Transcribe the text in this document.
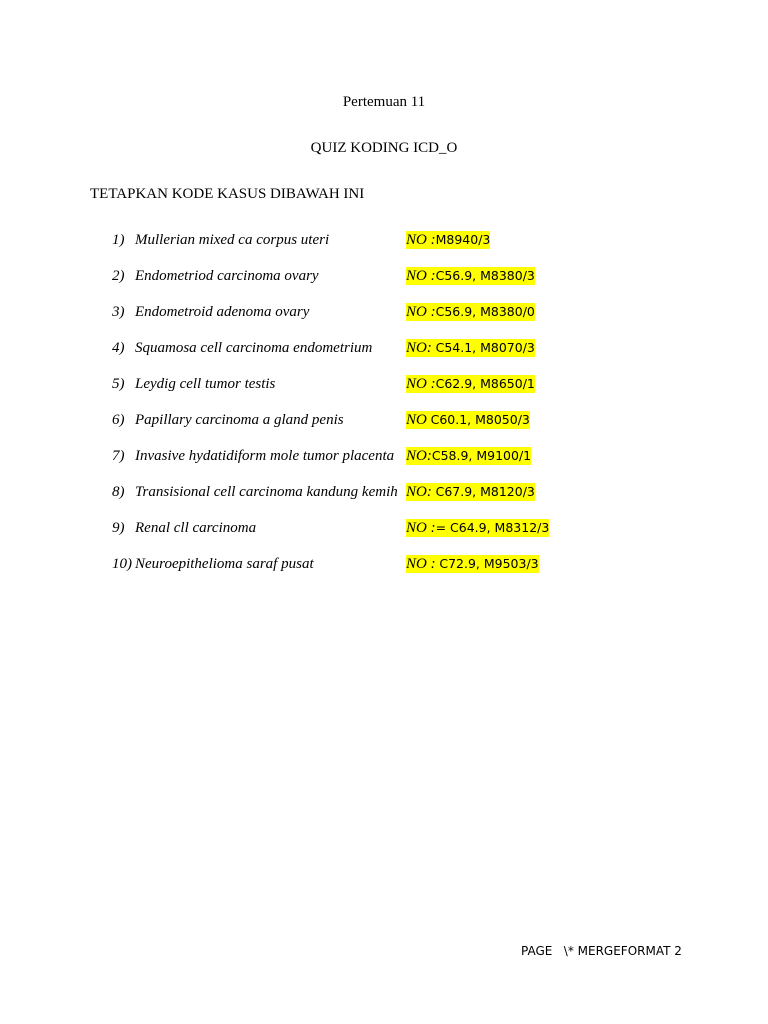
Pertemuan 11
QUIZ KODING ICD_O
TETAPKAN KODE KASUS DIBAWAH INI
1) Mullerian mixed ca corpus uteri	NO :M8940/3
2) Endometriod carcinoma ovary	NO :C56.9, M8380/3
3) Endometroid adenoma ovary	NO :C56.9, M8380/0
4) Squamosa cell carcinoma endometrium NO: C54.1, M8070/3
5) Leydig cell tumor testis	NO :C62.9, M8650/1
6) Papillary carcinoma a gland penis	NO C60.1, M8050/3
7) Invasive hydatidiform mole tumor placenta NO:C58.9, M9100/1
8) Transisional cell carcinoma kandung kemih NO: C67.9, M8120/3
9) Renal cll carcinoma	NO := C64.9, M8312/3
10) Neuroepithelioma saraf pusat	NO : C72.9, M9503/3
PAGE   \* MERGEFORMAT 2
